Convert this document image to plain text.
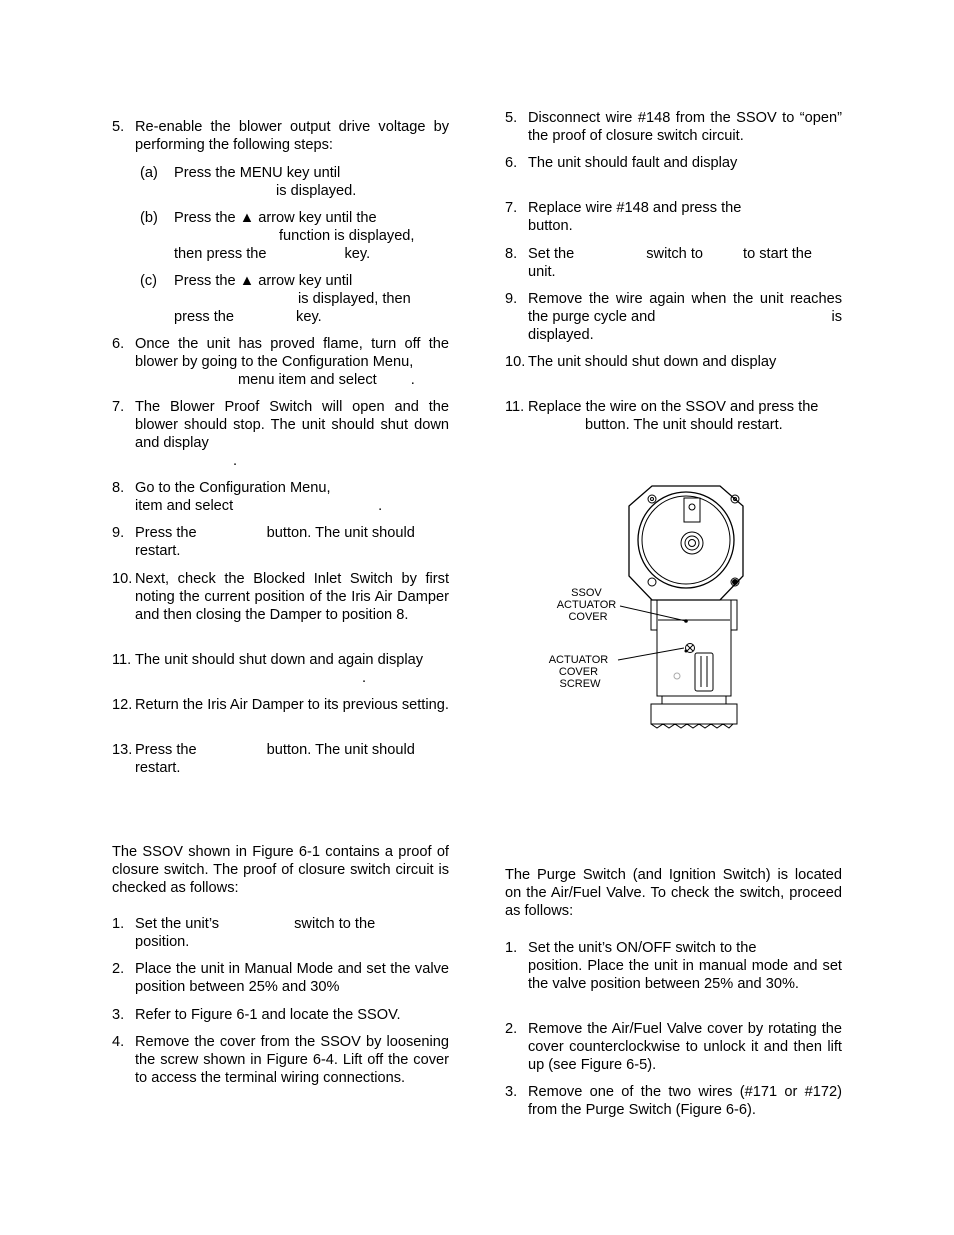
5. Re-enable the blower output drive voltage by performing the following steps:
(a) Press the MENU key until
is displayed.
(b) Press the ▲ arrow key until the
function is displayed,
then press the	key.
(c) Press the ▲ arrow key until
is displayed, then
press the	key.
6. Once the unit has proved flame, turn off the blower by going to the Configuration Menu,
menu item and select .
7. The Blower Proof Switch will open and the blower should stop. The unit should shut down and display
.
8. Go to the Configuration Menu,
item and select	.
9. Press the	button. The unit should
restart.
10. Next, check the Blocked Inlet Switch by first noting the current position of the Iris Air Damper and then closing the Damper to position 8.
11. The unit should shut down and again display
.
12. Return the Iris Air Damper to its previous setting.
13. Press the	button. The unit should
restart.
The SSOV shown in Figure 6-1 contains a proof of closure switch. The proof of closure switch circuit is checked as follows:
1. Set the unit’s	switch to the
position.
2. Place the unit in Manual Mode and set the valve position between 25% and 30%
3. Refer to Figure 6-1 and locate the SSOV.
4. Remove the cover from the SSOV by loosening the screw shown in Figure 6-4. Lift off the cover to access the terminal wiring connections.
5. Disconnect wire #148 from the SSOV to “open” the proof of closure switch circuit.
6. The unit should fault and display
7. Replace wire #148 and press the
button.
8. Set the	switch to	to start the
unit.
9. Remove the wire again when the unit reaches the purge cycle and	is
displayed.
10. The unit should shut down and display
11. Replace the wire on the SSOV and press the
button. The unit should restart.
The Purge Switch (and Ignition Switch) is located on the Air/Fuel Valve. To check the switch, proceed as follows:
1. Set the unit’s ON/OFF switch to the
position. Place the unit in manual mode and set the valve position between 25% and 30%.
2. Remove the Air/Fuel Valve cover by rotating the cover counterclockwise to unlock it and then lift up (see Figure 6-5).
3. Remove one of the two wires (#171 or #172) from the Purge Switch (Figure 6-6).
SSOV ACTUATOR COVER
ACTUATOR COVER SCREW
